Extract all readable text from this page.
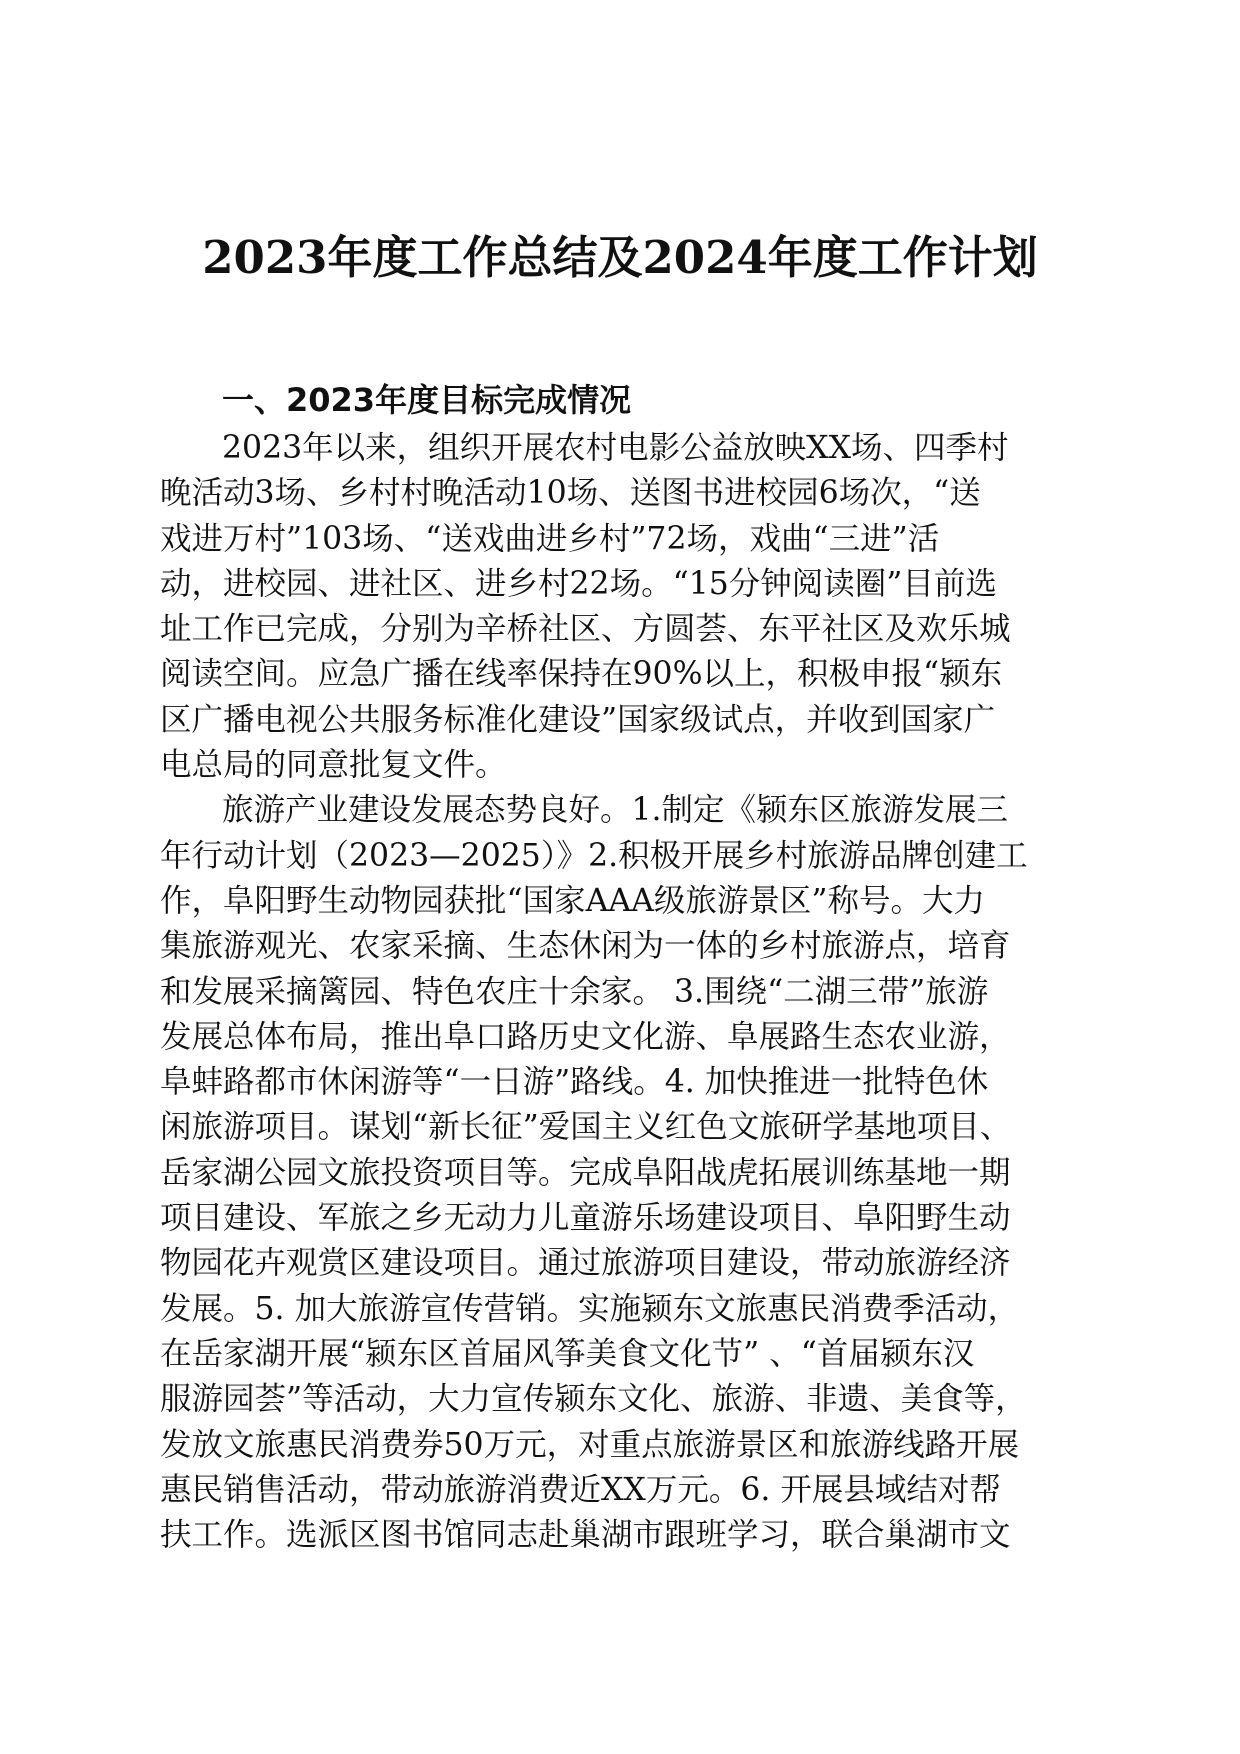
2023年度工作总结及2024年度工作计划
一、2023年度目标完成情况
2023年以来，组织开展农村电影公益放映XX场、四季村
晚活动3场、乡村村晚活动10场、送图书进校园6场次，“送
戏进万村”103场、“送戏曲进乡村”72场，戏曲“三进”活
动，进校园、进社区、进乡村22场。“15分钟阅读圈”目前选
址工作已完成，分别为辛桥社区、方圆荟、东平社区及欢乐城
阅读空间。应急广播在线率保持在90%以上，积极申报“颍东
区广播电视公共服务标准化建设”国家级试点，并收到国家广
电总局的同意批复文件。
旅游产业建设发展态势良好。1.制定《颍东区旅游发展三
年行动计划（2023—2025）》2.积极开展乡村旅游品牌创建工
作，阜阳野生动物园获批“国家AAA级旅游景区”称号。大力
集旅游观光、农家采摘、生态休闲为一体的乡村旅游点，培育
和发展采摘篱园、特色农庄十余家。 3.围绕“二湖三带”旅游
发展总体布局，推出阜口路历史文化游、阜展路生态农业游，
阜蚌路都市休闲游等“一日游”路线。4. 加快推进一批特色休
闲旅游项目。谋划“新长征”爱国主义红色文旅研学基地项目、
岳家湖公园文旅投资项目等。完成阜阳战虎拓展训练基地一期
项目建设、军旅之乡无动力儿童游乐场建设项目、阜阳野生动
物园花卉观赏区建设项目。通过旅游项目建设，带动旅游经济
发展。5. 加大旅游宣传营销。实施颍东文旅惠民消费季活动，
在岳家湖开展“颍东区首届风筝美食文化节” 、“首届颍东汉
服游园荟”等活动，大力宣传颍东文化、旅游、非遗、美食等，
发放文旅惠民消费券50万元，对重点旅游景区和旅游线路开展
惠民销售活动，带动旅游消费近XX万元。6. 开展县域结对帮
扶工作。选派区图书馆同志赴巢湖市跟班学习，联合巢湖市文
